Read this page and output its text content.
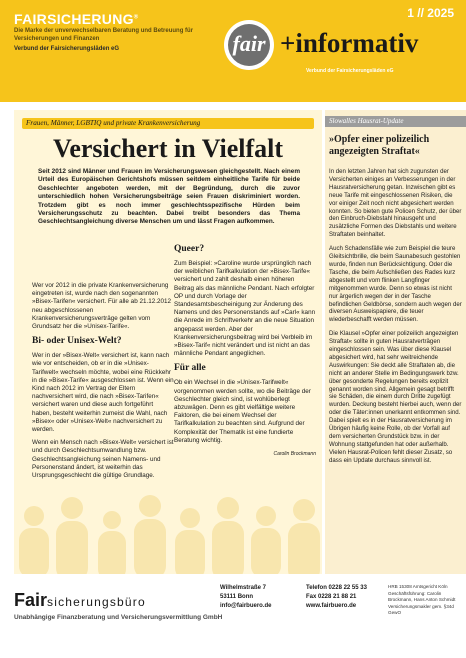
FAIRSICHERUNG®
Die Marke der unverwechselbaren Beratung und Betreuung für Versicherungen und Finanzen
Verbund der Fairsicherungsläden eG
1 // 2025
fair +informativ
Verbund der Fairsicherungsläden eG
Frauen, Männer, LGBTIQ und private Krankenversicherung
Versichert in Vielfalt
Seit 2012 sind Männer und Frauen im Versicherungswesen gleichgestellt. Nach einem Urteil des Europäischen Gerichtshofs müssen seitdem einheitliche Tarife für beide Geschlechter angeboten werden, mit der Begründung, durch die zuvor unterschiedlich hohen Versicherungsbeiträge seien Frauen diskriminiert worden. Trotzdem gibt es noch immer geschlechtsspezifische Hürden beim Versicherungsschutz zu beachten. Dabei treibt besonders das Thema Geschlechtsangleichung diverse Menschen um und lässt Fragen aufkommen.

Wer vor 2012 in die private Krankenversicherung eingetreten ist, wurde nach den sogenannten »Bisex-Tarifen« versichert. Für alle ab 21.12.2012 neu abgeschlossenen Krankenversicherungsverträge gelten vom Grundsatz her die »Unisex-Tarife«.

Bi- oder Unisex-Welt?

Wer in der »Bisex-Welt« versichert ist, kann nach wie vor entscheiden, ob er in die »Unisex-Tarifwelt« wechseln möchte, wobei eine Rückkehr in die »Bisex-Tarife« ausgeschlossen ist. Wenn ein Kind nach 2012 im Vertrag der Eltern nachversichert wird, die nach »Bisex-Tarifen« versichert waren und diese auch fortgeführt haben, besteht weiterhin zumeist die Wahl, nach »Bisex« oder »Unisex-Welt« nachversichert zu werden.

Wenn ein Mensch nach »Bisex-Welt« versichert ist und durch Geschlechtsumwandlung bzw. Geschlechtsangleichung seinen Namens- und Personenstand ändert, ist weiterhin das Ursprungsgeschlecht die gültige Grundlage.

Queer?

Zum Beispiel: »Caroline wurde ursprünglich nach der weiblichen Tarifkalkulation der »Bisex-Tarife« versichert und zahlt deshalb einen höheren Beitrag als das männliche Pendant. Nach erfolgter OP und durch Vorlage der Standesamtsbescheinigung zur Änderung des Namens und des Personenstands auf »Carl« kann die Anrede im Schriftverkehr an die neue Situation angepasst werden. Aber der Krankenversicherungsbeitrag wird bei Verbleib im »Bisex-Tarif« nicht verändert und ist nicht an das männliche Pendant angeglichen.

Für alle

Ob ein Wechsel in die »Unisex-Tarifwelt« vorgenommen werden sollte, wo die Beiträge der Geschlechter gleich sind, ist wohlüberlegt abzuwägen. Denn es gibt vielfältige weitere Faktoren, die bei einem Wechsel der Tarifkalkulation zu beachten sind. Aufgrund der Komplexität der Thematik ist eine fundierte Beratung wichtig.

Carolin Brockmann
Slowalles Hausrat-Update
»Opfer einer polizeilich angezeigten Straftat«

In den letzten Jahren hat sich zugunsten der Versicherten einiges an Verbesserungen in der Hausratversicherung getan. Inzwischen gibt es neue Tarife mit eingeschlossenen Risiken, die vor einiger Zeit noch nicht abgesichert werden konnten. So bieten gute Policen Schutz, der über den Einbruch-Diebstahl hinausgeht und zusätzliche Formen des Diebstahls und weitere Straftaten beinhaltet.

Auch Schadensfälle wie zum Beispiel die teure Gleitsichtbrille, die beim Saunabesuch gestohlen wurde, finden nun Berücksichtigung. Oder die Tasche, die beim Aufschließen des Rades kurz abgestellt und vom flinken Langfinger mitgenommen wurde. Denn so etwas ist nicht nur ärgerlich wegen der in der Tasche befindlichen Geldbörse, sondern auch wegen der diversen Ausweispapiere, die teuer wiederbeschafft werden müssen.

Die Klausel »Opfer einer polizeilich angezeigten Straftat« sollte in guten Hausratverträgen eingeschlossen sein. Was über diese Klausel abgesichert wird, hat sehr weitreichende Auswirkungen: Sie deckt alle Straftaten ab, die nicht an anderer Stelle im Bedingungswerk bzw. über gesonderte Regelungen bereits explizit genannt worden sind. Allgemein gesagt betrifft sie Schäden, die einem durch Dritte zugefügt wurden. Deckung besteht hierbei auch, wenn der oder die Täter:innen unerkannt entkommen sind. Dabei spielt es in der Hausratversicherung im Übrigen häufig keine Rolle, ob der Vorfall auf dem versicherten Grundstück bzw. in der Wohnung stattgefunden hat oder außerhalb. Vielen Hausrat-Policen fehlt dieser Zusatz, so dass ein Update durchaus sinnvoll ist.

Fairsicherungsbüro
Unabhängige Finanzberatung und Versicherungsvermittlung GmbH
Wilhelmstraße 7
53111 Bonn
info@fairbuero.de
Telefon 0228 22 55 33
Fax 0228 21 88 21
www.fairbuero.de
HRB 15308 Amtsgericht Köln Geschäftsführung: Carolin Brockmann, Hans Anton Schmidt Versicherungsmakler gem. §34d GewO
